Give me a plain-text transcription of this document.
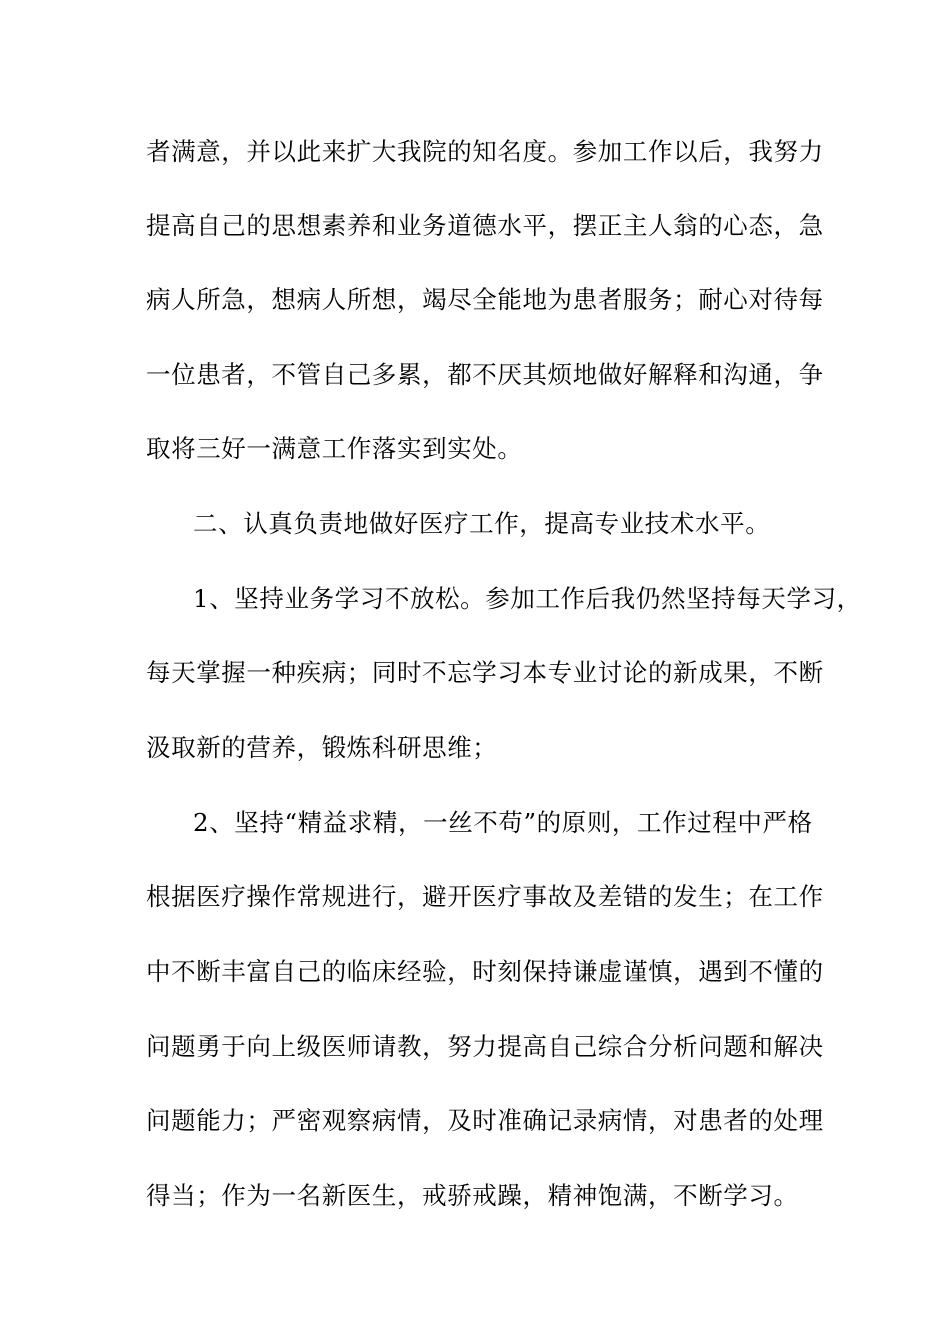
者满意，并以此来扩大我院的知名度。参加工作以后，我努力
提高自己的思想素养和业务道德水平，摆正主人翁的心态，急
病人所急，想病人所想，竭尽全能地为患者服务；耐心对待每
一位患者，不管自己多累，都不厌其烦地做好解释和沟通，争
取将三好一满意工作落实到实处。
二、认真负责地做好医疗工作，提高专业技术水平。
1、坚持业务学习不放松。参加工作后我仍然坚持每天学习，
每天掌握一种疾病；同时不忘学习本专业讨论的新成果，不断
汲取新的营养，锻炼科研思维；
2、坚持“精益求精，一丝不苟”的原则，工作过程中严格
根据医疗操作常规进行，避开医疗事故及差错的发生；在工作
中不断丰富自己的临床经验，时刻保持谦虚谨慎，遇到不懂的
问题勇于向上级医师请教，努力提高自己综合分析问题和解决
问题能力；严密观察病情，及时准确记录病情，对患者的处理
得当；作为一名新医生，戒骄戒躁，精神饱满，不断学习。
